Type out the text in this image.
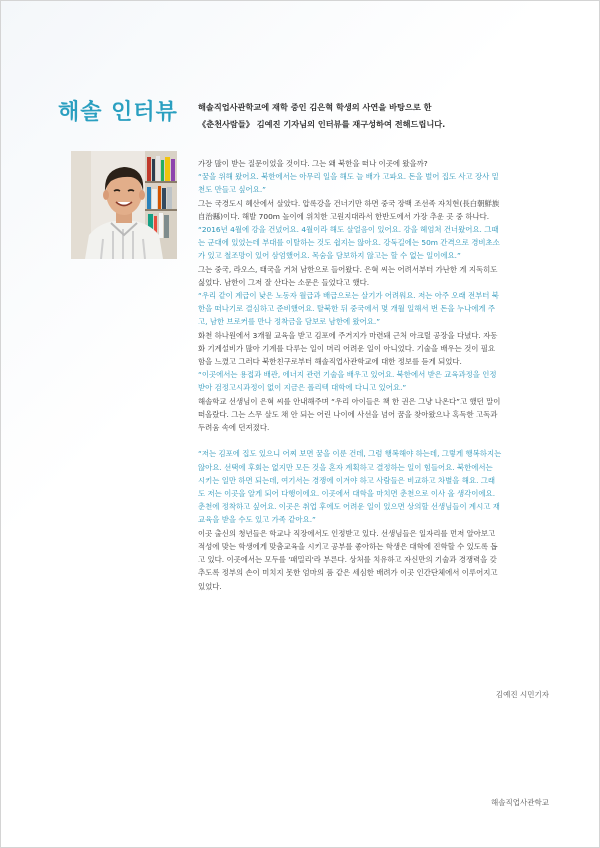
해솔 인터뷰 해솔직업사관학교에 재학 중인 김은혁 학생의 사연을 바탕으로 한
《춘천사람들》 김예진 기자님의 인터뷰를 재구성하여 전해드립니다.
가장 많이 받는 질문이었을 것이다. 그는 왜 북한을 떠나 이곳에 왔을까?
“꿈을 위해 왔어요. 북한에서는 아무리 일을 해도 늘 배가 고파요. 돈을 벌어 집도 사고 장사 밑
천도 만들고 싶어요.”
그는 국경도시 혜산에서 살았다. 압록강을 건너기만 하면 중국 장백 조선족 자치현(長白朝鮮族
自治縣)이다. 해발 700m 높이에 위치한 고원지대라서 한반도에서 가장 추운 곳 중 하나다.
“2016년 4월에 강을 건넜어요. 4월이라 해도 살얼음이 있어요. 강을 헤엄쳐 건너왔어요. 그때
는 군대에 있었는데 부대를 이탈하는 것도 쉽지는 않아요. 강둑길에는 50m 간격으로 경비초소
가 있고 철조망이 있어 삼엄했어요. 목숨을 담보하지 않고는 할 수 없는 일이에요.”
그는 중국, 라오스, 태국을 거쳐 남한으로 들어왔다. 은혁 씨는 어려서부터 가난한 게 지독히도
싫었다. 남한이 그저 잘 산다는 소문은 들었다고 했다.
“우리 같이 계급이 낮은 노동자 월급과 배급으로는 살기가 어려워요. 저는 아주 오래 전부터 북
한을 떠나기로 결심하고 준비했어요. 탈북한 뒤 중국에서 몇 개월 일해서 번 돈을 누나에게 주
고, 남한 브로커를 만나 정착금을 담보로 남한에 왔어요.”
화천 하나원에서 3개월 교육을 받고 김포에 주거지가 마련돼 근처 아크릴 공장을 다녔다. 자동
화 기계설비가 많아 기계를 다루는 일이 머리 어려운 일이 아니었다. 기술을 배우는 것이 필요
함을 느꼈고 그러다 북한친구로부터 해솔직업사관학교에 대한 정보를 듣게 되었다.
“이곳에서는 용접과 배관, 에너지 관련 기술을 배우고 있어요. 북한에서 받은 교육과정을 인정
받아 검정고시과정이 없이 지금은 폴리텍 대학에 다니고 있어요.”
해솔학교 선생님이 은혁 씨를 안내해주며 “우리 아이들은 책 한 권은 그냥 나온다”고 했던 말이
떠올랐다. 그는 스무 살도 채 안 되는 어린 나이에 사선을 넘어 꿈을 찾아왔으나 혹독한 고독과
두려움 속에 던져졌다.

“저는 김포에 집도 있으니 어찌 보면 꿈을 이룬 건데, 그럼 행복해야 하는데, 그렇게 행복하지는
않아요. 선택에 후회는 없지만 모든 것을 혼자 계획하고 결정하는 일이 힘들어요. 북한에서는
시키는 일만 하면 되는데, 여기서는 경쟁에 이겨야 하고 사람들은 비교하고 차별을 해요. 그래
도 저는 이곳을 알게 되어 다행이에요. 이곳에서 대학을 마치면 춘천으로 이사 올 생각이에요.
춘천에 정착하고 싶어요. 이곳은 취업 후에도 어려운 일이 있으면 상의할 선생님들이 계시고 재
교육을 받을 수도 있고 가족 같아요.”
이곳 출신의 청년들은 학교나 직장에서도 인정받고 있다. 선생님들은 일자리를 먼저 알아보고
적성에 맞는 학생에게 맞춤교육을 시키고 공부를 좋아하는 학생은 대학에 진학할 수 있도록 돕
고 있다. 이곳에서는 모두를 '패밀리'라 부른다. 상처를 치유하고 자신만의 기술과 경쟁력을 갖
추도록 정부의 손이 미치지 못한 엄마의 품 같은 세심한 배려가 이곳 인간단체에서 이루어지고
있었다.
김예진 시민기자
해솔직업사관학교
